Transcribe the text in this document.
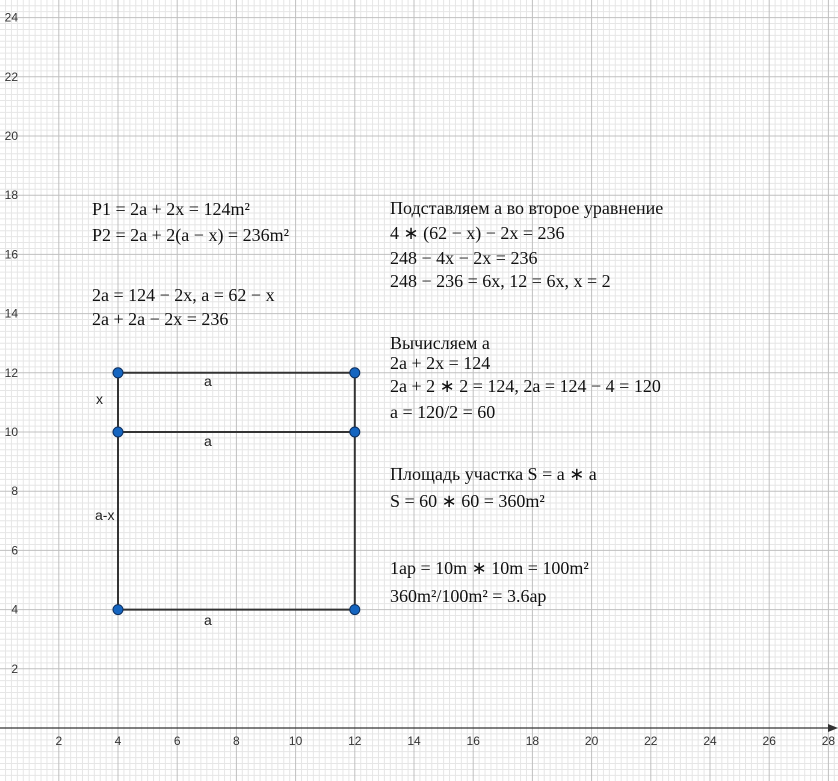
2	4	6	8	10	12	14	16	18	20	22	24	26	28
2
4
6
8
10
12
14
16
18
20
22
24
a
x
a
a-x
a
P1 = 2a + 2x = 124m²
P2 = 2a + 2(a − x) = 236m²
2a = 124 − 2x, a = 62 − x
2a + 2a − 2x = 236
Подставляем a во второе уравнение
4 ∗ (62 − x) − 2x = 236
248 − 4x − 2x = 236
248 − 236 = 6x, 12 = 6x, x = 2
Вычисляем a
2a + 2x = 124
2a + 2 ∗ 2 = 124, 2a = 124 − 4 = 120
a = 120/2 = 60
Площадь участка S = a ∗ a
S = 60 ∗ 60 = 360m²
1ар = 10m ∗ 10m = 100m²
360m²/100m² = 3.6ар
